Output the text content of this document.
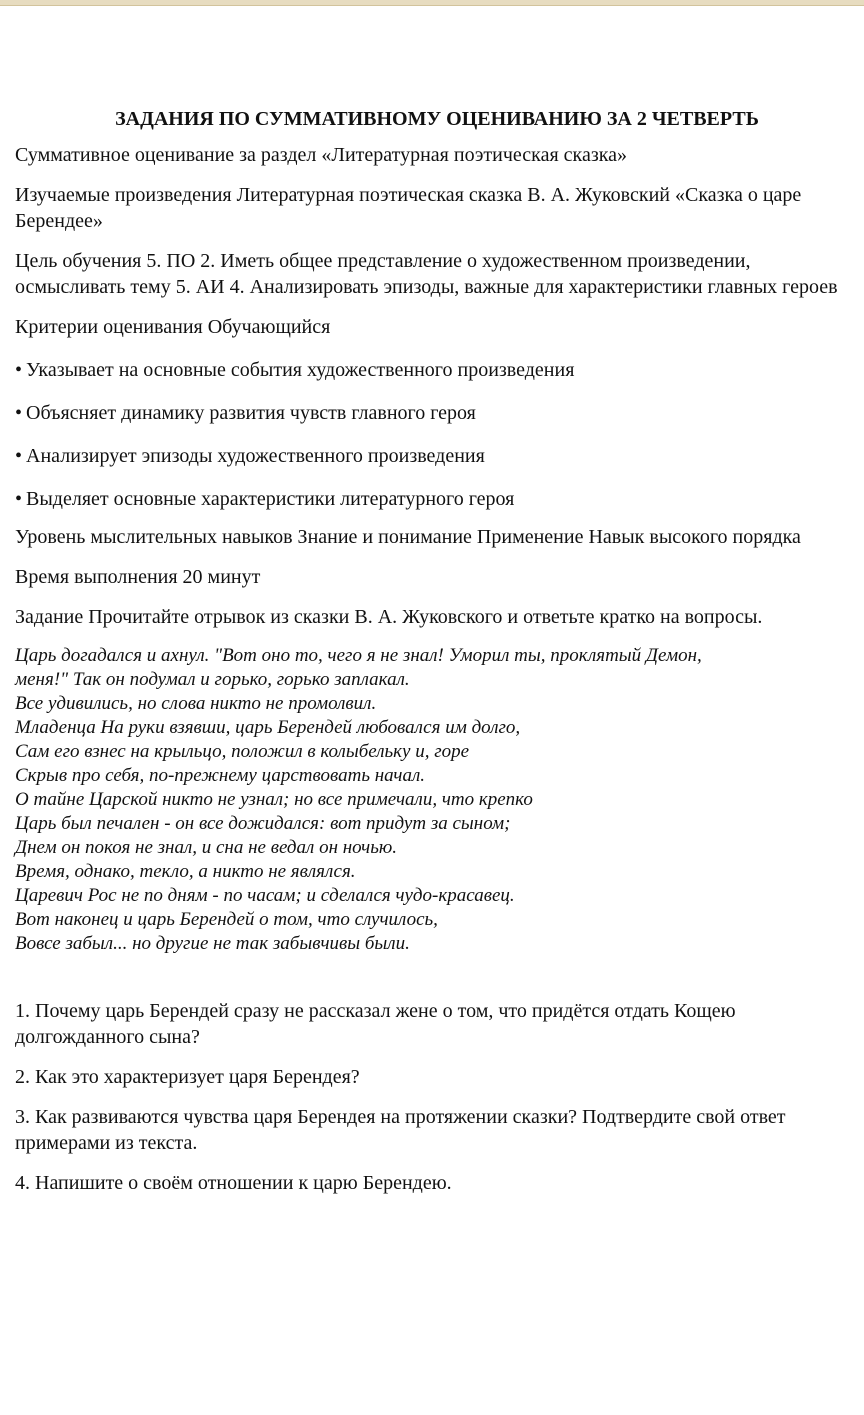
ЗАДАНИЯ ПО СУММАТИВНОМУ ОЦЕНИВАНИЮ ЗА 2 ЧЕТВЕРТЬ
Суммативное оценивание за раздел «Литературная поэтическая сказка»
Изучаемые произведения Литературная поэтическая сказка В. А. Жуковский «Сказка о царе Берендее»
Цель обучения 5. ПО 2. Иметь общее представление о художественном произведении, осмысливать тему 5. АИ 4. Анализировать эпизоды, важные для характеристики главных героев
Критерии оценивания Обучающийся
• Указывает на основные события художественного произведения
• Объясняет динамику развития чувств главного героя
• Анализирует эпизоды художественного произведения
• Выделяет основные характеристики литературного героя
Уровень мыслительных навыков Знание и понимание Применение Навык высокого порядка
Время выполнения 20 минут
Задание Прочитайте отрывок из сказки В. А. Жуковского и ответьте кратко на вопросы.
Царь догадался и ахнул. "Вот оно то, чего я не знал! Уморил ты, проклятый Демон,
меня!" Так он подумал и горько, горько заплакал.
Все удивились, но слова никто не промолвил.
Младенца На руки взявши, царь Берендей любовался им долго,
Сам его взнес на крыльцо, положил в колыбельку и, горе
Скрыв про себя, по-прежнему царствовать начал.
О тайне Царской никто не узнал; но все примечали, что крепко
Царь был печален - он все дожидался: вот придут за сыном;
Днем он покоя не знал, и сна не ведал он ночью.
Время, однако, текло, а никто не являлся.
Царевич Рос не по дням - по часам; и сделался чудо-красавец.
Вот наконец и царь Берендей о том, что случилось,
Вовсе забыл... но другие не так забывчивы были.
1. Почему царь Берендей сразу не рассказал жене о том, что придётся отдать Кощею долгожданного сына?
2. Как это характеризует царя Берендея?
3. Как развиваются чувства царя Берендея на протяжении сказки? Подтвердите свой ответ примерами из текста.
4. Напишите о своём отношении к царю Берендею.
